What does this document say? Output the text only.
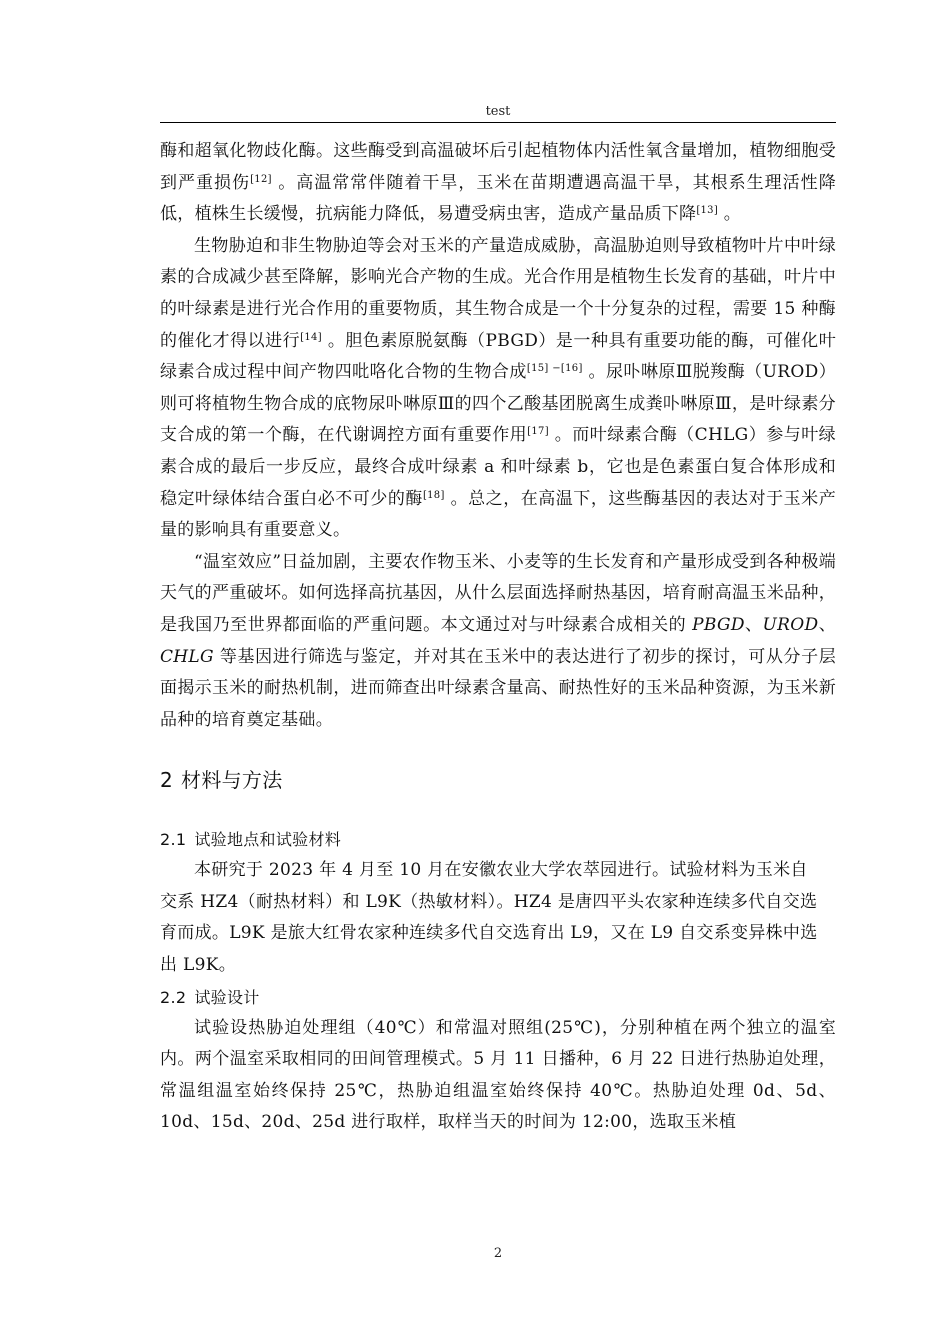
test

酶和超氧化物歧化酶。这些酶受到高温破坏后引起植物体内活性氧含量增加，植物细胞受到严重损伤[12] 。高温常常伴随着干旱，玉米在苗期遭遇高温干旱，其根系生理活性降低，植株生长缓慢，抗病能力降低，易遭受病虫害，造成产量品质下降[13] 。

生物胁迫和非生物胁迫等会对玉米的产量造成威胁，高温胁迫则导致植物叶片中叶绿素的合成减少甚至降解，影响光合产物的生成。光合作用是植物生长发育的基础，叶片中的叶绿素是进行光合作用的重要物质，其生物合成是一个十分复杂的过程，需要 15 种酶的催化才得以进行[14] 。胆色素原脱氨酶（PBGD）是一种具有重要功能的酶，可催化叶绿素合成过程中间产物四吡咯化合物的生物合成[15] −[16] 。尿卟啉原Ⅲ脱羧酶（UROD）则可将植物生物合成的底物尿卟啉原Ⅲ的四个乙酸基团脱离生成粪卟啉原Ⅲ，是叶绿素分支合成的第一个酶，在代谢调控方面有重要作用[17] 。而叶绿素合酶（CHLG）参与叶绿素合成的最后一步反应，最终合成叶绿素 a 和叶绿素 b，它也是色素蛋白复合体形成和稳定叶绿体结合蛋白必不可少的酶[18] 。总之，在高温下，这些酶基因的表达对于玉米产量的影响具有重要意义。

“温室效应”日益加剧，主要农作物玉米、小麦等的生长发育和产量形成受到各种极端天气的严重破坏。如何选择高抗基因，从什么层面选择耐热基因，培育耐高温玉米品种，是我国乃至世界都面临的严重问题。本文通过对与叶绿素合成相关的 PBGD、UROD、CHLG 等基因进行筛选与鉴定，并对其在玉米中的表达进行了初步的探讨，可从分子层面揭示玉米的耐热机制，进而筛查出叶绿素含量高、耐热性好的玉米品种资源，为玉米新品种的培育奠定基础。

2 材料与方法
2.1 试验地点和试验材料

本研究于 2023 年 4 月至 10 月在安徽农业大学农萃园进行。试验材料为玉米自交系 HZ4（耐热材料）和 L9K（热敏材料）。HZ4 是唐四平头农家种连续多代自交选育而成。L9K 是旅大红骨农家种连续多代自交选育出 L9，又在 L9 自交系变异株中选出 L9K。

2.2 试验设计

试验设热胁迫处理组（40℃）和常温对照组(25℃)，分别种植在两个独立的温室内。两个温室采取相同的田间管理模式。5 月 11 日播种，6 月 22 日进行热胁迫处理，常温组温室始终保持 25℃，热胁迫组温室始终保持 40℃。热胁迫处理 0d、5d、10d、15d、20d、25d 进行取样，取样当天的时间为 12:00，选取玉米植

2
